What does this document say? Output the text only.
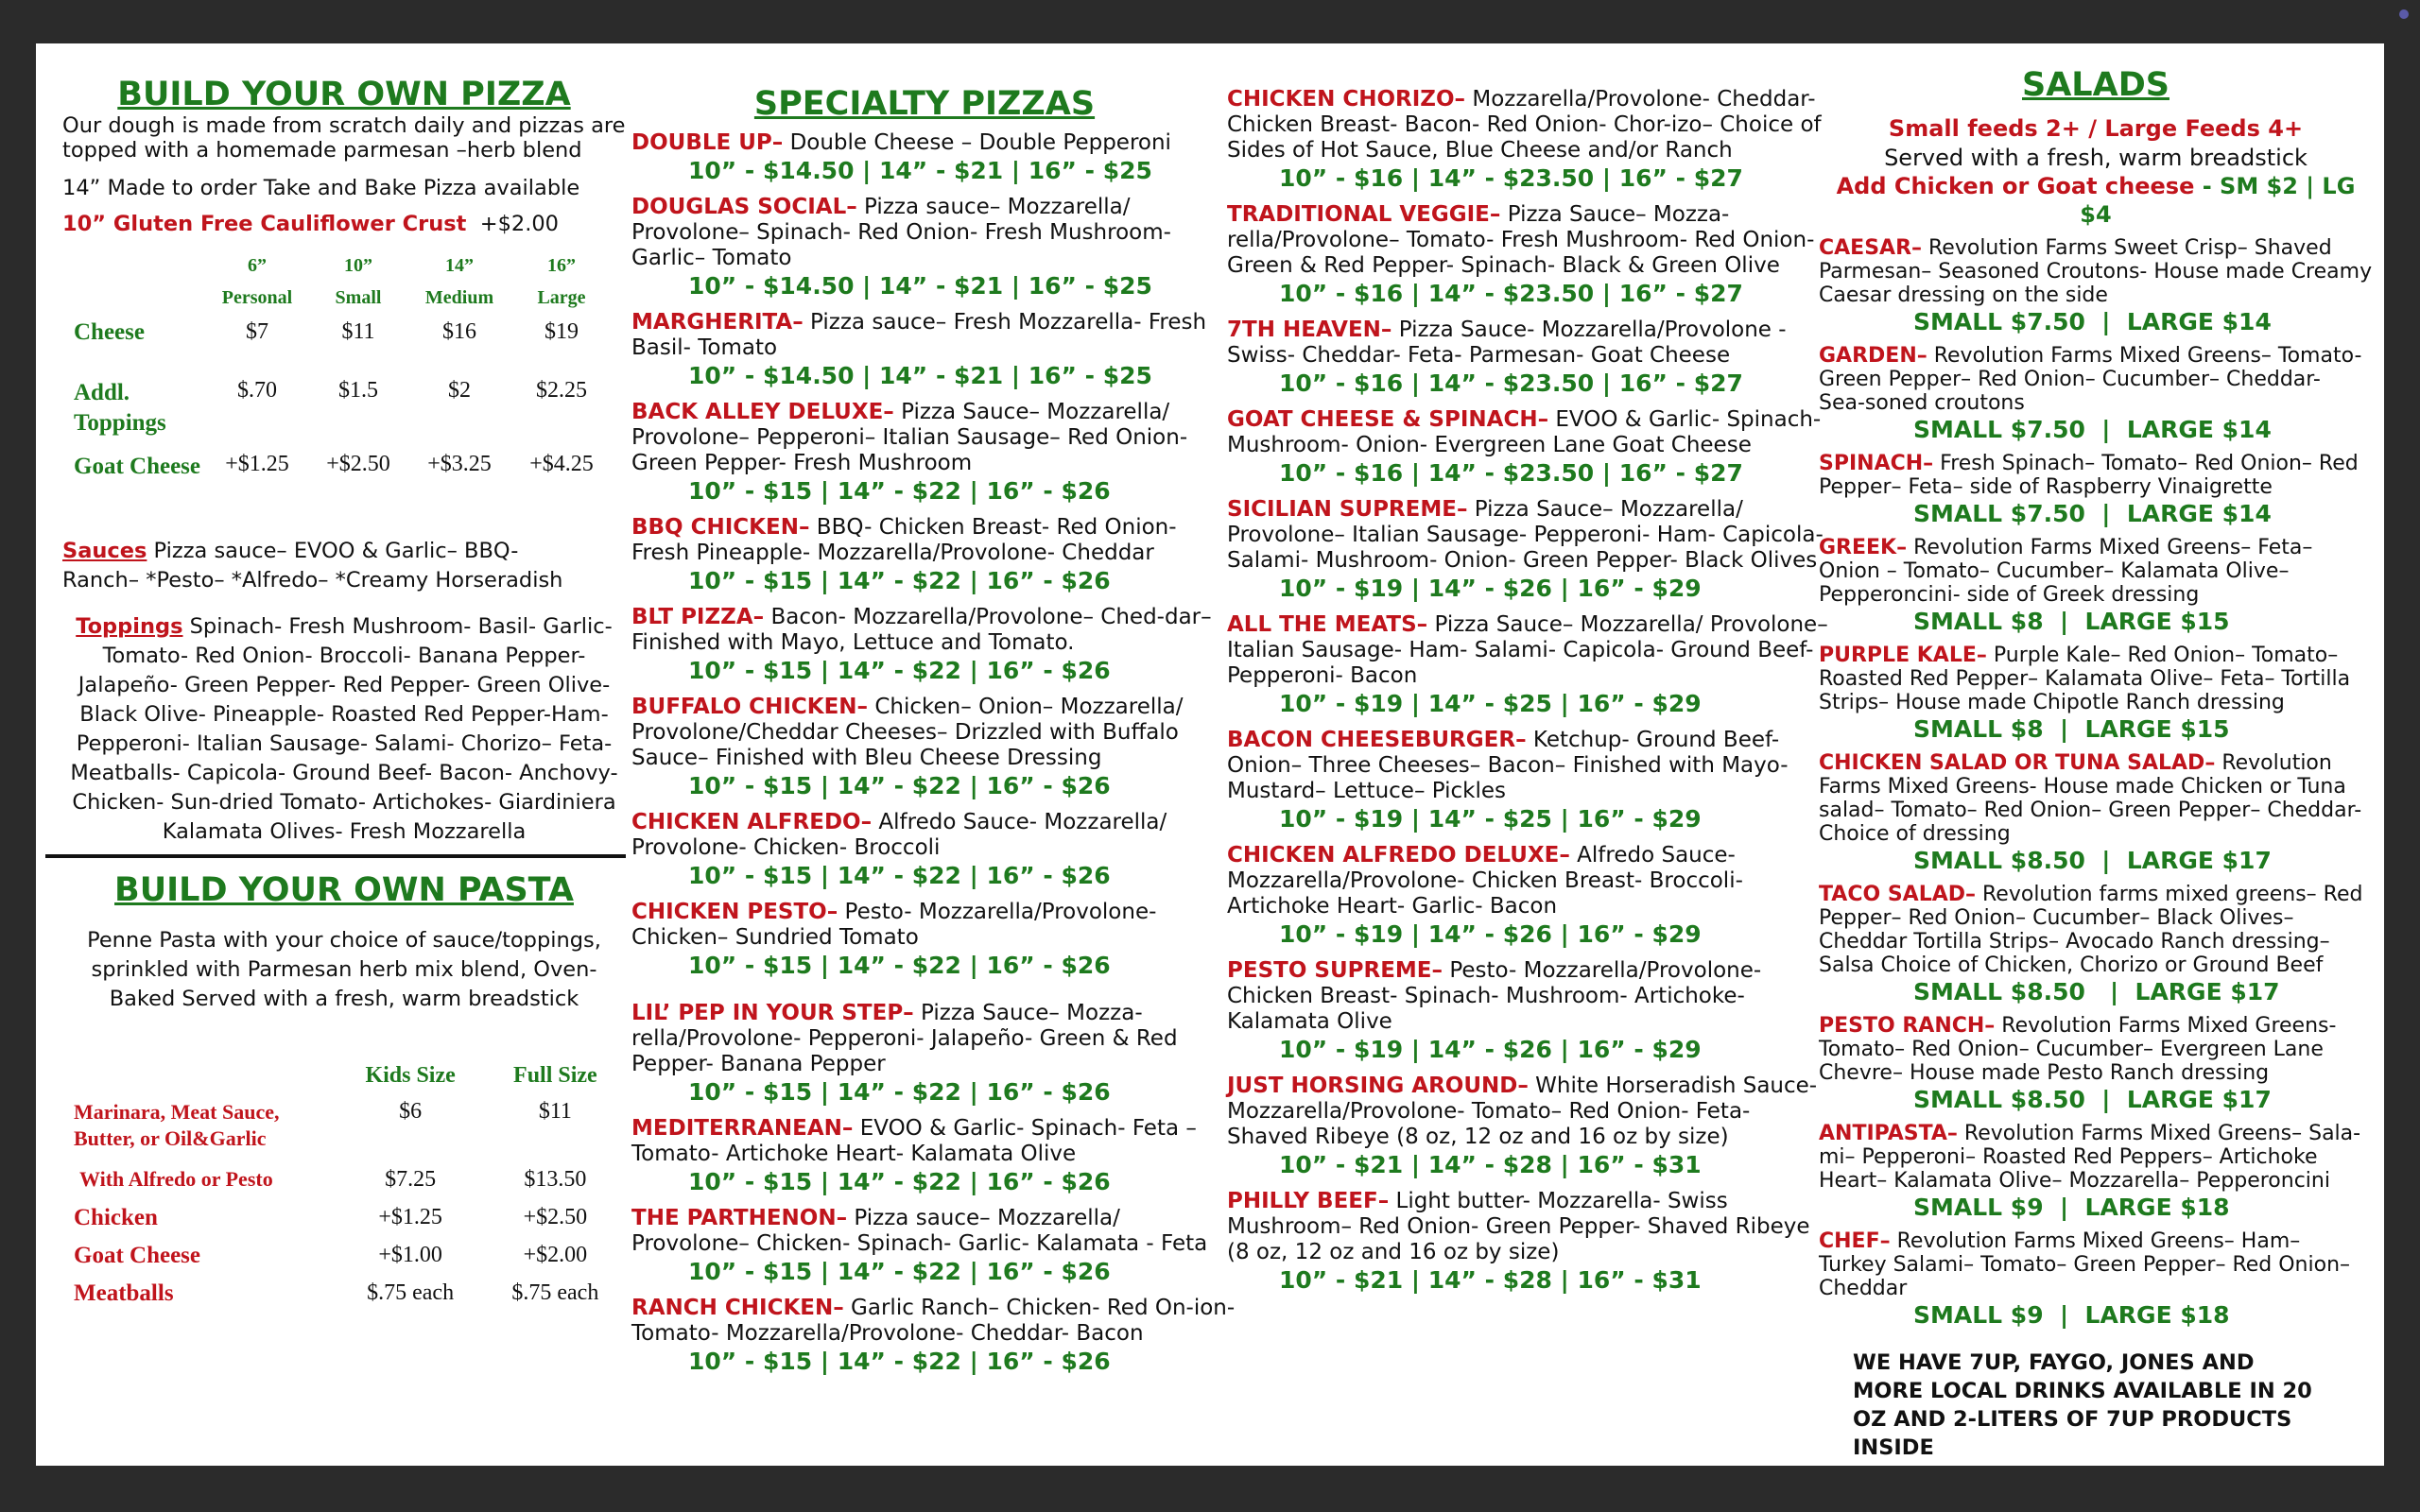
BUILD YOUR OWN PIZZA

Our dough is made from scratch daily and pizzas are topped with a homemade parmesan –herb blend

14” Made to order Take and Bake Pizza available

10” Gluten Free Cauliflower Crust +$2.00

	6”	10”	14”	16”
	Personal	Small	Medium	Large
Cheese	$7	$11	$16	$19
Addl. Toppings	$.70	$1.5	$2	$2.25
Goat Cheese	+$1.25	+$2.50	+$3.25	+$4.25

Sauces Pizza sauce– EVOO & Garlic– BBQ- Ranch– *Pesto– *Alfredo– *Creamy Horseradish

Toppings Spinach- Fresh Mushroom- Basil- Garlic- Tomato- Red Onion- Broccoli- Banana Pepper- Jalapeño- Green Pepper- Red Pepper- Green Olive- Black Olive- Pineapple- Roasted Red Pepper-Ham- Pepperoni- Italian Sausage- Salami- Chorizo– Feta- Meatballs- Capicola- Ground Beef- Bacon- Anchovy- Chicken- Sun-dried Tomato- Artichokes- Giardiniera Kalamata Olives- Fresh Mozzarella

BUILD YOUR OWN PASTA

Penne Pasta with your choice of sauce/toppings, sprinkled with Parmesan herb mix blend, Oven-Baked Served with a fresh, warm breadstick

	Kids Size	Full Size
Marinara, Meat Sauce, Butter, or Oil&Garlic	$6	$11
With Alfredo or Pesto	$7.25	$13.50
Chicken	+$1.25	+$2.50
Goat Cheese	+$1.00	+$2.00
Meatballs	$.75 each	$.75 each
SPECIALTY PIZZAS

DOUBLE UP– Double Cheese – Double Pepperoni

10” - $14.50 | 14” - $21 | 16” - $25

DOUGLAS SOCIAL– Pizza sauce– Mozzarella/ Provolone– Spinach- Red Onion- Fresh Mushroom- Garlic– Tomato

10” - $14.50 | 14” - $21 | 16” - $25

MARGHERITA– Pizza sauce– Fresh Mozzarella- Fresh Basil- Tomato

10” - $14.50 | 14” - $21 | 16” - $25

BACK ALLEY DELUXE– Pizza Sauce– Mozzarella/ Provolone– Pepperoni– Italian Sausage– Red Onion- Green Pepper- Fresh Mushroom

10” - $15 | 14” - $22 | 16” - $26

BBQ CHICKEN– BBQ- Chicken Breast- Red Onion- Fresh Pineapple- Mozzarella/Provolone- Cheddar

10” - $15 | 14” - $22 | 16” - $26

BLT PIZZA– Bacon- Mozzarella/Provolone– Ched-dar– Finished with Mayo, Lettuce and Tomato.

10” - $15 | 14” - $22 | 16” - $26

BUFFALO CHICKEN– Chicken– Onion– Mozzarella/ Provolone/Cheddar Cheeses– Drizzled with Buffalo Sauce– Finished with Bleu Cheese Dressing

10” - $15 | 14” - $22 | 16” - $26

CHICKEN ALFREDO– Alfredo Sauce- Mozzarella/ Provolone- Chicken- Broccoli

10” - $15 | 14” - $22 | 16” - $26

CHICKEN PESTO– Pesto- Mozzarella/Provolone- Chicken– Sundried Tomato

10” - $15 | 14” - $22 | 16” - $26

LIL’ PEP IN YOUR STEP– Pizza Sauce– Mozza-rella/Provolone- Pepperoni- Jalapeño- Green & Red Pepper- Banana Pepper

10” - $15 | 14” - $22 | 16” - $26

MEDITERRANEAN– EVOO & Garlic- Spinach- Feta – Tomato- Artichoke Heart- Kalamata Olive

10” - $15 | 14” - $22 | 16” - $26

THE PARTHENON– Pizza sauce– Mozzarella/ Provolone– Chicken- Spinach- Garlic- Kalamata - Feta

10” - $15 | 14” - $22 | 16” - $26

RANCH CHICKEN– Garlic Ranch– Chicken- Red On-ion- Tomato- Mozzarella/Provolone- Cheddar- Bacon

10” - $15 | 14” - $22 | 16” - $26

CHICKEN CHORIZO– Mozzarella/Provolone- Cheddar- Chicken Breast- Bacon- Red Onion- Chor-izo– Choice of Sides of Hot Sauce, Blue Cheese and/or Ranch

10” - $16 | 14” - $23.50 | 16” - $27

TRADITIONAL VEGGIE– Pizza Sauce– Mozza-rella/Provolone– Tomato- Fresh Mushroom- Red Onion- Green & Red Pepper- Spinach- Black & Green Olive

10” - $16 | 14” - $23.50 | 16” - $27

7TH HEAVEN– Pizza Sauce- Mozzarella/Provolone - Swiss- Cheddar- Feta- Parmesan- Goat Cheese

10” - $16 | 14” - $23.50 | 16” - $27

GOAT CHEESE & SPINACH– EVOO & Garlic- Spinach- Mushroom- Onion- Evergreen Lane Goat Cheese

10” - $16 | 14” - $23.50 | 16” - $27

SICILIAN SUPREME– Pizza Sauce– Mozzarella/ Provolone– Italian Sausage- Pepperoni- Ham- Capicola- Salami- Mushroom- Onion- Green Pepper- Black Olives

10” - $19 | 14” - $26 | 16” - $29

ALL THE MEATS– Pizza Sauce– Mozzarella/ Provolone– Italian Sausage- Ham- Salami- Capicola- Ground Beef- Pepperoni- Bacon

10” - $19 | 14” - $25 | 16” - $29

BACON CHEESEBURGER– Ketchup- Ground Beef- Onion– Three Cheeses– Bacon– Finished with Mayo- Mustard– Lettuce– Pickles

10” - $19 | 14” - $25 | 16” - $29

CHICKEN ALFREDO DELUXE– Alfredo Sauce- Mozzarella/Provolone- Chicken Breast- Broccoli- Artichoke Heart- Garlic- Bacon

10” - $19 | 14” - $26 | 16” - $29

PESTO SUPREME– Pesto- Mozzarella/Provolone- Chicken Breast- Spinach- Mushroom- Artichoke- Kalamata Olive

10” - $19 | 14” - $26 | 16” - $29

JUST HORSING AROUND– White Horseradish Sauce- Mozzarella/Provolone- Tomato– Red Onion- Feta- Shaved Ribeye (8 oz, 12 oz and 16 oz by size)

10” - $21 | 14” - $28 | 16” - $31

PHILLY BEEF– Light butter- Mozzarella- Swiss Mushroom– Red Onion- Green Pepper- Shaved Ribeye (8 oz, 12 oz and 16 oz by size)

10” - $21 | 14” - $28 | 16” - $31

SALADS

Small feeds 2+ / Large Feeds 4+

Served with a fresh, warm breadstick

Add Chicken or Goat cheese - SM $2 | LG $4

CAESAR– Revolution Farms Sweet Crisp– Shaved Parmesan– Seasoned Croutons- House made Creamy Caesar dressing on the side

SMALL $7.50  |  LARGE $14

GARDEN– Revolution Farms Mixed Greens– Tomato- Green Pepper– Red Onion– Cucumber– Cheddar- Sea-soned croutons

SMALL $7.50  |  LARGE $14

SPINACH– Fresh Spinach– Tomato– Red Onion– Red Pepper– Feta– side of Raspberry Vinaigrette

SMALL $7.50  |  LARGE $14

GREEK– Revolution Farms Mixed Greens– Feta– Onion – Tomato– Cucumber– Kalamata Olive– Pepperoncini- side of Greek dressing

SMALL $8  |  LARGE $15

PURPLE KALE– Purple Kale– Red Onion– Tomato– Roasted Red Pepper– Kalamata Olive– Feta– Tortilla Strips– House made Chipotle Ranch dressing

SMALL $8  |  LARGE $15

CHICKEN SALAD OR TUNA SALAD– Revolution Farms Mixed Greens- House made Chicken or Tuna salad– Tomato– Red Onion– Green Pepper– Cheddar- Choice of dressing

SMALL $8.50  |  LARGE $17

TACO SALAD– Revolution farms mixed greens– Red Pepper– Red Onion– Cucumber– Black Olives– Cheddar Tortilla Strips– Avocado Ranch dressing– Salsa Choice of Chicken, Chorizo or Ground Beef

SMALL $8.50   |  LARGE $17

PESTO RANCH– Revolution Farms Mixed Greens- Tomato– Red Onion– Cucumber– Evergreen Lane Chevre– House made Pesto Ranch dressing

SMALL $8.50  |  LARGE $17

ANTIPASTA– Revolution Farms Mixed Greens– Sala-mi– Pepperoni– Roasted Red Peppers– Artichoke Heart– Kalamata Olive– Mozzarella– Pepperoncini

SMALL $9  |  LARGE $18

CHEF– Revolution Farms Mixed Greens– Ham– Turkey Salami– Tomato– Green Pepper– Red Onion– Cheddar

SMALL $9  |  LARGE $18

WE HAVE 7UP, FAYGO, JONES AND MORE LOCAL DRINKS AVAILABLE IN 20 OZ AND 2-LITERS OF 7UP PRODUCTS INSIDE
